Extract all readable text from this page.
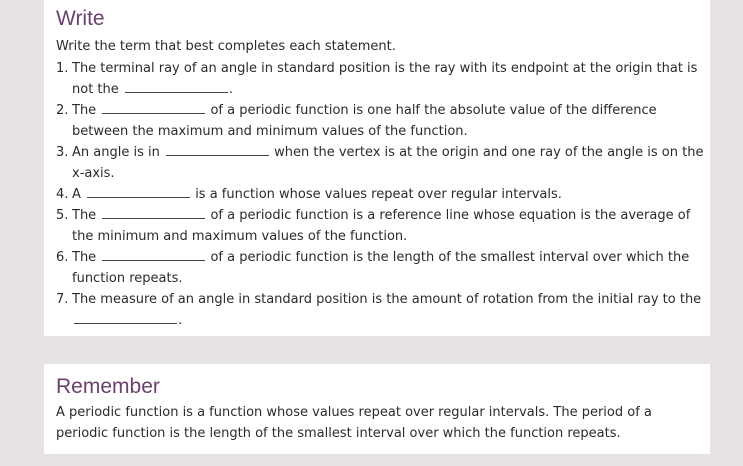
Write

Write the term that best completes each statement.

1. The terminal ray of an angle in standard position is the ray with its endpoint at the origin that is not the	.
2. The	of a periodic function is one half the absolute value of the difference between the maximum and minimum values of the function.
3. An angle is in	when the vertex is at the origin and one ray of the angle is on the x-axis.
4. A	is a function whose values repeat over regular intervals.
5. The	of a periodic function is a reference line whose equation is the average of the minimum and maximum values of the function.
6. The	of a periodic function is the length of the smallest interval over which the function repeats.
7. The measure of an angle in standard position is the amount of rotation from the initial ray to the .
Remember

A periodic function is a function whose values repeat over regular intervals. The period of a periodic function is the length of the smallest interval over which the function repeats.
